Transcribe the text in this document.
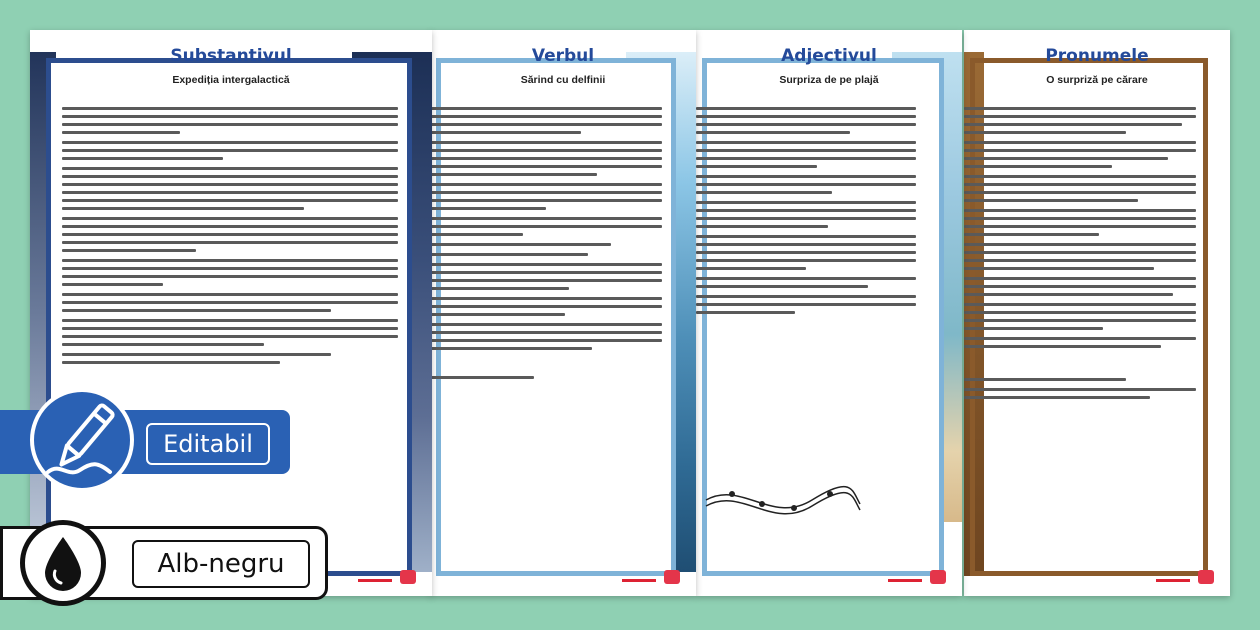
Pronumele
O surpriză pe cărare
Adjectivul
Surpriza de pe plajă
Verbul
Sărind cu delfinii
Substantivul
Expediția intergalactică
Editabil
Alb-negru
